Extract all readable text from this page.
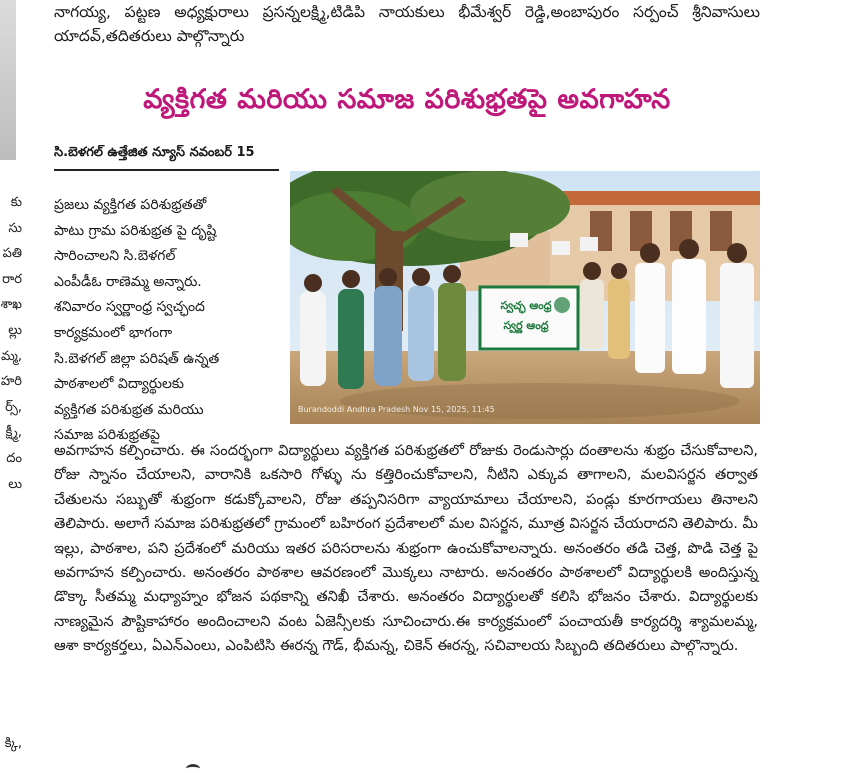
నాగయ్య, పట్టణ అధ్యక్షురాలు ప్రసన్నలక్ష్మి,టిడిపి నాయకులు భీమేశ్వర్ రెడ్డి,అంబాపురం సర్పంచ్ శ్రీనివాసులు యాదవ్,తదితరులు పాల్గొన్నారు

కు
సు
పతి
రార
శాఖ
ల్లు
మ్మ,
హరి
ర్స్,
క్ష్మీ,
దం
లు
క్కి,
వ్యక్తిగత మరియు సమాజ పరిశుభ్రతపై అవగాహన
సి.బెళగల్ ఉత్తేజిత న్యూస్ నవంబర్ 15
ప్రజలు వ్యక్తిగత పరిశుభ్రతతో
పాటు గ్రామ పరిశుభ్రత పై దృష్టి
సారించాలని సి.బెళగల్
ఎంపీడీఓ రాణెమ్మ అన్నారు.
శనివారం స్వర్ణాంధ్ర స్వచ్ఛంద
కార్యక్రమంలో భాగంగా
సి.బెళగల్ జిల్లా పరిషత్ ఉన్నత
పాఠశాలలో విద్యార్థులకు
వ్యక్తిగత పరిశుభ్రత మరియు
సమాజ పరిశుభ్రతపై
స్వచ్ఛ ఆంధ్ర
స్వర్ణ ఆంధ్ర
Burandoddi Andhra Pradesh Nov 15, 2025, 11:45

అవగాహన కల్పించారు. ఈ సందర్భంగా విద్యార్థులు వ్యక్తిగత పరిశుభ్రతలో రోజుకు రెండుసార్లు దంతాలను శుభ్రం చేసుకోవాలని, రోజు స్నానం చేయాలని, వారానికి ఒకసారి గోళ్ళు ను కత్తిరించుకోవాలని, నీటిని ఎక్కువ తాగాలని, మలవిసర్జన తర్వాత చేతులను సబ్బుతో శుభ్రంగా కడుక్కోవాలని, రోజు తప్పనిసరిగా వ్యాయామాలు చేయాలని, పండ్లు కూరగాయలు తినాలని తెలిపారు. అలాగే సమాజ పరిశుభ్రతలో గ్రామంలో బహిరంగ ప్రదేశాలలో మల విసర్జన, మూత్ర విసర్జన చేయరాదని తెలిపారు. మీ ఇల్లు, పాఠశాల, పని ప్రదేశంలో మరియు ఇతర పరిసరాలను శుభ్రంగా ఉంచుకోవాలన్నారు. అనంతరం తడి చెత్త, పొడి చెత్త పై అవగాహన కల్పించారు. అనంతరం పాఠశాల ఆవరణంలో మొక్కలు నాటారు. అనంతరం పాఠశాలలో విద్యార్థులకి అందిస్తున్న డొక్కా సీతమ్మ మధ్యాహ్నం భోజన పథకాన్ని తనిఖీ చేశారు. అనంతరం విద్యార్థులతో కలిసి భోజనం చేశారు. విద్యార్థులకు నాణ్యమైన పౌష్టికాహారం అందించాలని వంట ఏజెన్సీలకు సూచించారు.ఈ కార్యక్రమంలో పంచాయతీ కార్యదర్శి శ్యామలమ్మ, ఆశా కార్యకర్తలు, ఏఎన్ఎంలు, ఎంపిటిసి ఈరన్న గౌడ్, భీమన్న, చికెన్ ఈరన్న, సచివాలయ సిబ్బంది తదితరులు పాల్గొన్నారు.
